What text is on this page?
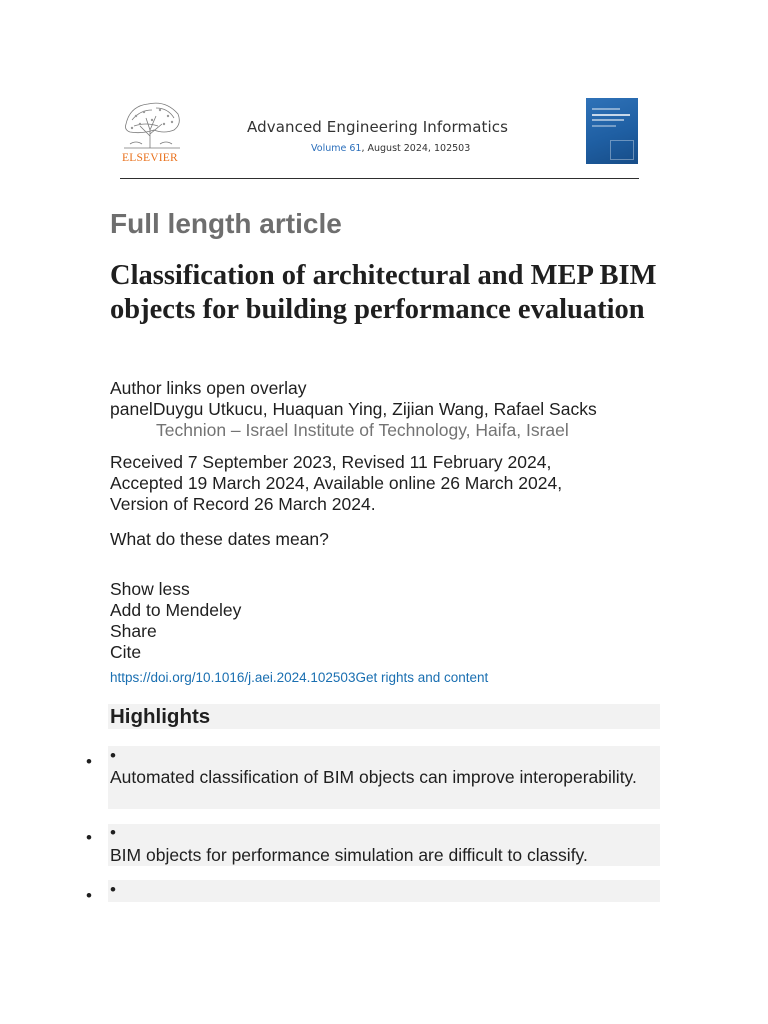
ELSEVIER
Advanced Engineering Informatics
Volume 61, August 2024, 102503
Full length article
Classification of architectural and MEP BIM objects for building performance evaluation
Author links open overlay
panelDuygu Utkucu, Huaquan Ying, Zijian Wang, Rafael Sacks
Technion – Israel Institute of Technology, Haifa, Israel
Received 7 September 2023, Revised 11 February 2024,
Accepted 19 March 2024, Available online 26 March 2024,
Version of Record 26 March 2024.
What do these dates mean?
Show less
Add to Mendeley
Share
Cite
https://doi.org/10.1016/j.aei.2024.102503Get rights and content
Highlights
• •
Automated classification of BIM objects can improve interoperability.
• •
BIM objects for performance simulation are difficult to classify.
• •
